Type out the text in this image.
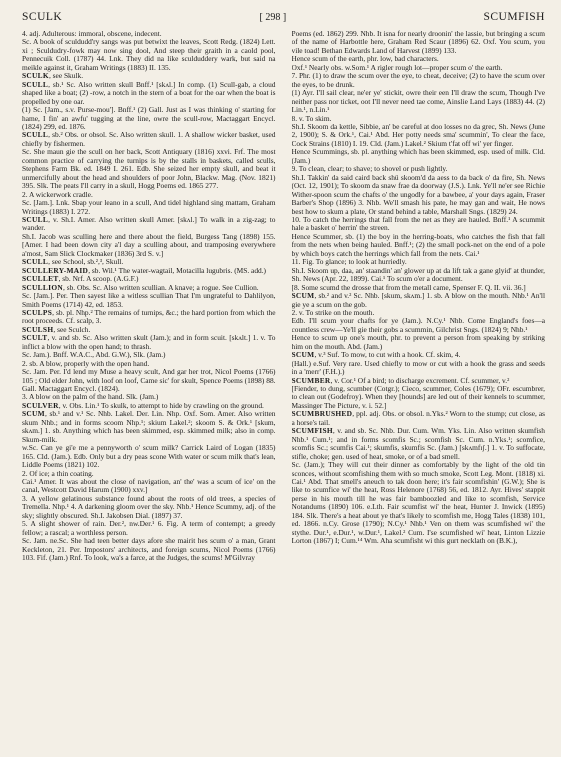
SCULK	[ 298 ]	SCUMFISH

4. adj. Adulterous: immoral, obscene, indecent.

Sc. A book of sculdudd'ry sangs was put betwixt the leaves, Scott Redg. (1824) Lett. xi ; Sculdudry-fowk may now sing dool, And steep their graith in a caold pool, Pennecuik Coll. (1787) 44. Lnk. They did na like sculduddery wark, but said na meikle against it, Graham Writings (1883) II. 135.

SCULK, see Skulk.

SCULL, sb.¹ Sc. Also written skull Bnff.¹ [skʌl.] In comp. (1) Scull-gab, a cloud shaped like a boat; (2) -row, a notch in the stern of a boat for the oar when the boat is propelled by one oar.

(1) Sc. [Jam., s.v. Purse-mou']. Bnff.¹ (2) Gall. Just as I was thinking o' starting for hame, I fin' an awfu' tugging at the line, owre the scull-row, Mactaggart Encycl. (1824) 299, ed. 1876.

SCULL, sb.² Obs. or obsol. Sc. Also written skull. 1. A shallow wicker basket, used chiefly by fishermen.

Sc. She maun gie the scull on her back, Scott Antiquary (1816) xxvi. Frf. The most common practice of carrying the turnips is by the stalls in baskets, called sculls, Stephens Farm Bk. ed. 1849 I. 261. Edb. She seized her empty skull, and beat it unmercifully about the head and shoulders of poor John, Blackw. Mag. (Nov. 1821) 395. Slk. The peats I'll carry in a skull, Hogg Poems ed. 1865 277.

2. A wickerwork cradle.

Sc. [Jam.]. Lnk. Sbap your leano in a scull, And tidel highland sing mattam, Graham Writings (1883) I. 272.

SCULL, v. Sh.I. Amer. Also written skull Amer. [skʌl.] To walk in a zig-zag; to wander.

Sh.I. Jacob was sculling here and there about the field, Burgess Tang (1898) 155. [Amer. I had been down city a'l day a sculling about, and tramposing everywhere a'most, Sam Slick Clockmaker (1836) 3rd S. v.]

SCULL, see School, sb.²,³, Skull.

SCULLERY-MAID, sb. Wil.¹ The water-wagtail, Motacilla lugubris. (MS. add.)

SCULLET, sb. Nrf. A scoop. (A.G.F.)

SCULLION, sb. Obs. Sc. Also written scullian. A knave; a rogue. See Cullion.

Sc. [Jam.]. Per. Then sayest like a witless scullian That I'm ungrateful to Dahlilyon, Smith Poems (1714) 42, ed. 1853.

SCULPS, sb. pl. Nhp.² The remains of turnips, &c.; the hard portion from which the root proceeds. Cf. scalp, 3.

SCULSH, see Sculch.

SCULT, v. and sb. Sc. Also written skult (Jam.); and in form scuit. [skʌlt.] 1. v. To inflict a blow with the open hand; to thrash.

Sc. Jam.). Bnff. W.A.C., Abd. G.W.), Slk. (Jam.)

2. sb. A blow, properly with the open hand.

Sc. Jam. Per. I'd lend my Muse a heavy scult, And gar her trot, Nicol Poems (1766) 105 ; Old elder John, with loof on loof, Came sic' for skult, Spence Poems (1898) 88. Gall. Mactaggart Encycl. (1824).

3. A blow on the palm of the hand. Slk. (Jam.)

SCULVER, v. Obs. Lin.¹ To skulk, to attempt to hide by crawling on the ground.

SCUM, sb.¹ and v.¹ Sc. Nhb. Lakel. Der. Lin. Nhp. Oxf. Som. Amer. Also written skum Nhb.; and in forms scoom Nhp.¹; skium Lakel.²; skoom S. & Ork.¹ [skum, skʌm.] 1. sb. Anything which has been skimmed, esp. skimmed milk; also in comp. Skum-milk.

w.Sc. Can ye gi'e me a pennyworth o' scum milk? Carrick Laird of Logan (1835) 165. Cld. (Jam.). Edb. Only but a dry peas scone With water or scum milk that's lean, Liddle Poems (1821) 102.

2. Of ice; a thin coating.

Cai.¹ Amer. It was about the close of navigation, an' the' was a scum of ice' on the canal, Westcott David Harum (1900) xxv.]

3. A yellow gelatinous substance found about the roots of old trees, a species of Tremella. Nhp.¹ 4. A darkening gloom over the sky. Nhb.¹ Hence Scummy, adj. of the sky; slightly obscured. Sh.I. Jakobsen Dial. (1897) 37.

5. A slight shower of rain. Der.², nw.Der.¹ 6. Fig. A term of contempt; a greedy fellow; a rascal; a worthless person.

Sc. Jam. ne.Sc. She had teen better days afore she mairit hes scum o' a man, Grant Keckleton, 21. Per. Impostors' architects, and foreign scums, Nicol Poems (1766) 103. Fif. (Jam.) Rnf. To look, wa's a farce, at the Judges, the scums! M'Gilvray

Poems (ed. 1862) 299. Nhb. It isna for nearly droonin' the lassie, but bringing a scum of the name of Harbottle here, Graham Red Scaur (1896) 62. Oxf. You scum, you vile toad! Bethan Edwards Land of Harvest (1899) 133.

Hence scum of the earth, phr. low, bad characters.

Oxf.¹ Nearly obs. w.Som.¹ A rigler rough lot—proper scum o' the earth.

7. Phr. (1) to draw the scum over the eye, to cheat, deceive; (2) to have the scum over the eyes, to be drunk.

(1) Ayr. I'll sail clear, ne'er ye' stickit, owre their een I'll draw the scum, Though I've neither pass nor ticket, oot I'll never need tae come, Ainslie Land Lays (1883) 44. (2) Lin.¹, n.Lin.¹

8. v. To skim.

Sh.I. Skoom da kettle, Sibbie, an' be careful at doo losses no da grec, Sh. News (June 2, 1900); S. & Ork.¹, Cai.¹ Abd. Her potty needs sma' scummin', To clear the face, Cock Strains (1810) I. 19. Cld. (Jam.) Lakel.² Skium t'fat off wi' yer finger.

Hence Scummings, sb. pl. anything which has been skimmed, esp. used of milk. Cld. (Jam.)

9. To clean, clear; to shave; to shovel or push lightly.

Sh.I. Takkin' da said caird back shü skoom'd da aess to da back o' da fire, Sh. News (Oct. 12, 1901); To skoom da snaw frae da doorway (J.S.). Lnk. Ye'll ne'er see Richie Wither-spoon scum the chafts o' the ungodly for a bawbee, a' your days again, Fraser Barber's Shop (1896) 3. Nhb. We'll smash his pate, he may gan and wait, He nows best how to skum a plate, Or stand behind a table, Marshall Sngs. (1829) 24.

10. To catch the herrings that fall from the net as they are hauled. Bnff.¹ A scummit hale a basket o' herrin' the streen.

Hence Scummer, sb. (1) the boy in the herring-boats, who catches the fish that fall from the nets when being hauled. Bnff.¹; (2) the small pock-net on the end of a pole by which boys catch the herrings which fall from the nets. Cai.¹

11. Fig. To glance; to look at hurriedly.

Sh.I. Skoom up, daa, an' staandin' an' glower up at da lift tak a gane glyid' at thunder, Sh. News (Apr. 22, 1899). Cai.¹ To scum o'er a document.

[8. Some scumd the drosse that from the metall came, Spenser F. Q. II. vii. 36.]

SCUM, sb.² and v.² Sc. Nhb. [skum, skʌm.] 1. sb. A blow on the mouth. Nhb.¹ An'll gie ye a scum on the gob.

2. v. To strike on the mouth.

Edb. I'll scum your chafts for ye (Jam.). N.Cy.¹ Nhb. Come England's foes—a countless crew—Ye'll gie their gobs a scummin, Gilchrist Sngs. (1824) 9; Nhb.¹

Hence to scum up one's mouth, phr. to prevent a person from speaking by striking him on the mouth. Abd. (Jam.)

SCUM, v.³ Suf. To mow, to cut with a hook. Cf. skim, 4.

(Hall.) e.Suf. Very rare. Used chiefly to mow or cut with a hook the grass and seeds in a 'merr' (F.H.).)

SCUMBER, v. Cor.¹ Of a bird; to discharge excrement. Cf. scummer, v.²

[Fiender, to dung, scumber (Cotgr.); Cieco, scummer, Coles (1679); OFr. escumbrer, to clean out (Godefroy). When they [hounds] are led out of their kennels to scummer, Massinger The Picture, v. i. 52.]

SCUMBRUSHED, ppl. adj. Obs. or obsol. n.Yks.² Worn to the stump; cut close, as a horse's tail.

SCUMFISH, v. and sb. Sc. Nhb. Dur. Cum. Wm. Yks. Lin. Also written skumfish Nhb.¹ Cum.¹; and in forms scomfis Sc.; scomfish Sc. Cum. n.Yks.¹; scomfice, scomfis Sc.; scumfis Cai.¹; skumfis, skumfis Sc. (Jam.) [skʌmfɪʃ.] 1. v. To suffocate, stifle, choke; gen. used of heat, smoke, or of a bad smell.

Sc. (Jam.); They will cut their dinner as comfortably by the light of the old tin sconces, without scomfishing them with so much smoke, Scott Leg. Mont. (1818) xi. Cai.¹ Abd. That smell's aneuch to tak doon here; it's fair scomfishin' (G.W.); She is like to scumfice wi' the heat, Ross Helenore (1768) 56, ed. 1812. Ayr. Hives' stappit perse in his mouth till he was fair bamboozled and like to scomfish, Service Notandums (1890) 106. e.Lth. Fair scumfist wi' the heat, Hunter J. Inwick (1895) 184. Slk. There's a heat about ye that's likely to scomfish me, Hogg Tales (1838) 101, ed. 1866. n.Cy. Grose (1790); N.Cy.¹ Nhb.¹ Ven on them was scumfished wi' the stythe. Dur.¹, e.Dur.¹, w.Dur.¹, Lakel.² Cum. I'se scumfished wi' heat, Linton Lizzie Lorton (1867) I; Cum.¹⁴ Wm. Aha scumfisht wi this gurt necklath on (B.K.),
